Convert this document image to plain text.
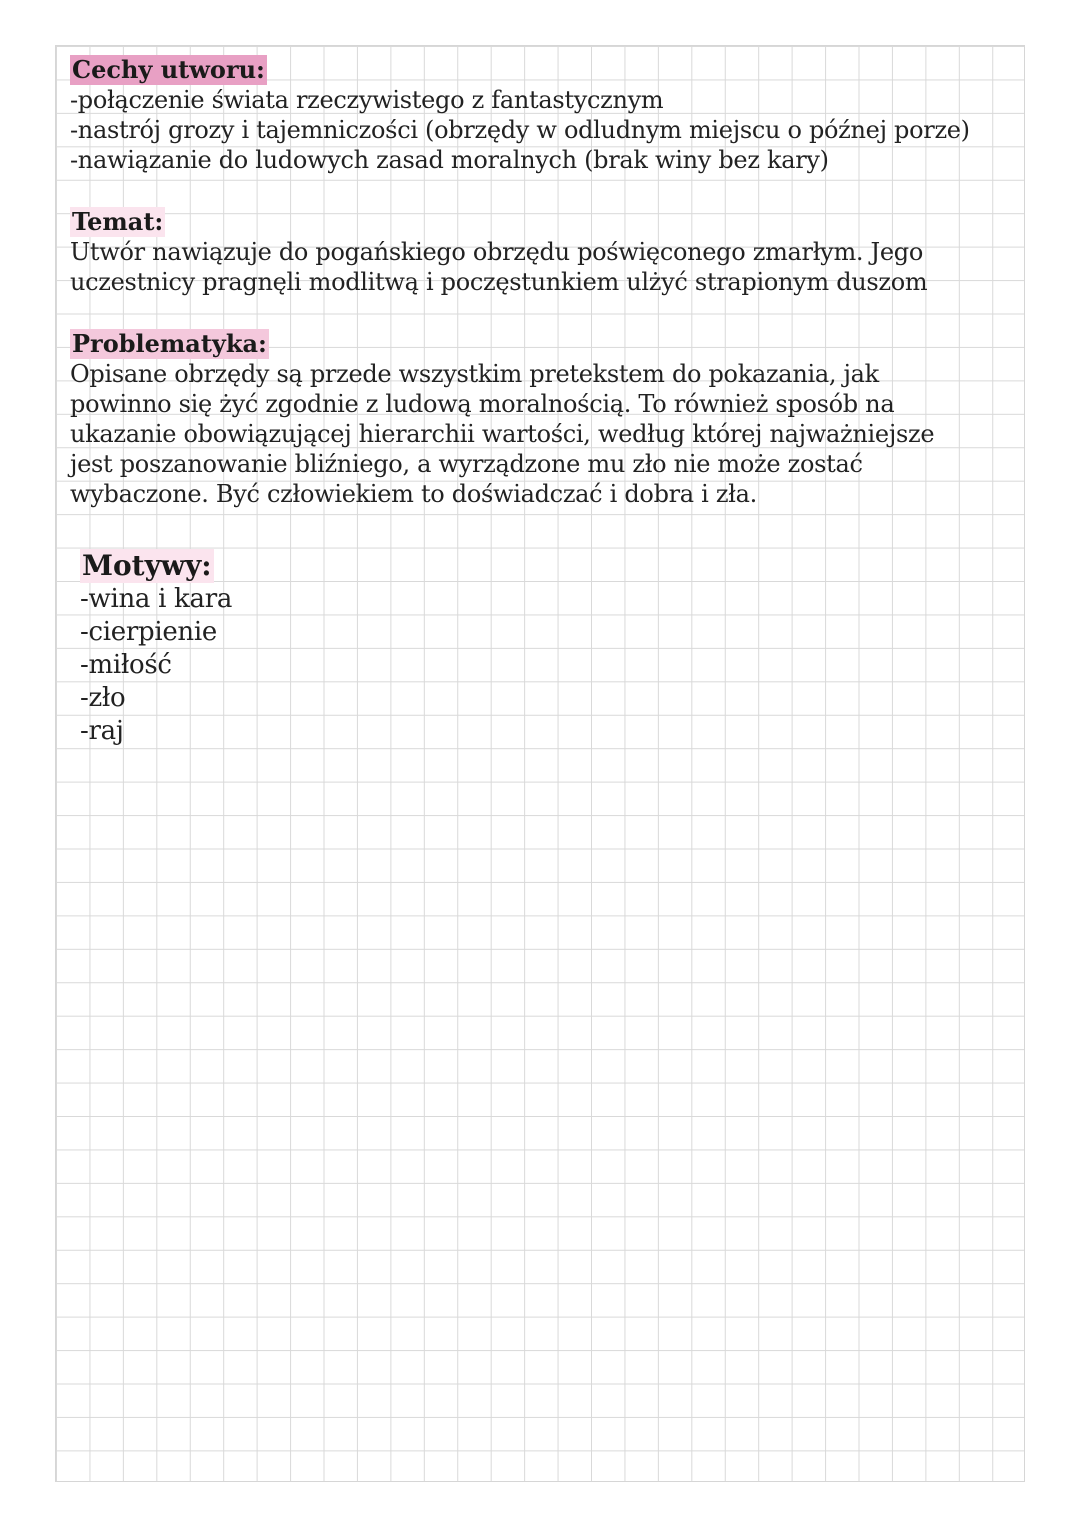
Cechy utworu:
-połączenie świata rzeczywistego z fantastycznym
-nastrój grozy i tajemniczości (obrzędy w odludnym miejscu o późnej porze)
-nawiązanie do ludowych zasad moralnych (brak winy bez kary)
Temat:
Utwór nawiązuje do pogańskiego obrzędu poświęconego zmarłym. Jego
uczestnicy pragnęli modlitwą i poczęstunkiem ulżyć strapionym duszom
Problematyka:
Opisane obrzędy są przede wszystkim pretekstem do pokazania, jak
powinno się żyć zgodnie z ludową moralnością. To również sposób na
ukazanie obowiązującej hierarchii wartości, według której najważniejsze
jest poszanowanie bliźniego, a wyrządzone mu zło nie może zostać
wybaczone. Być człowiekiem to doświadczać i dobra i zła.
Motywy:
-wina i kara
-cierpienie
-miłość
-zło
-raj
